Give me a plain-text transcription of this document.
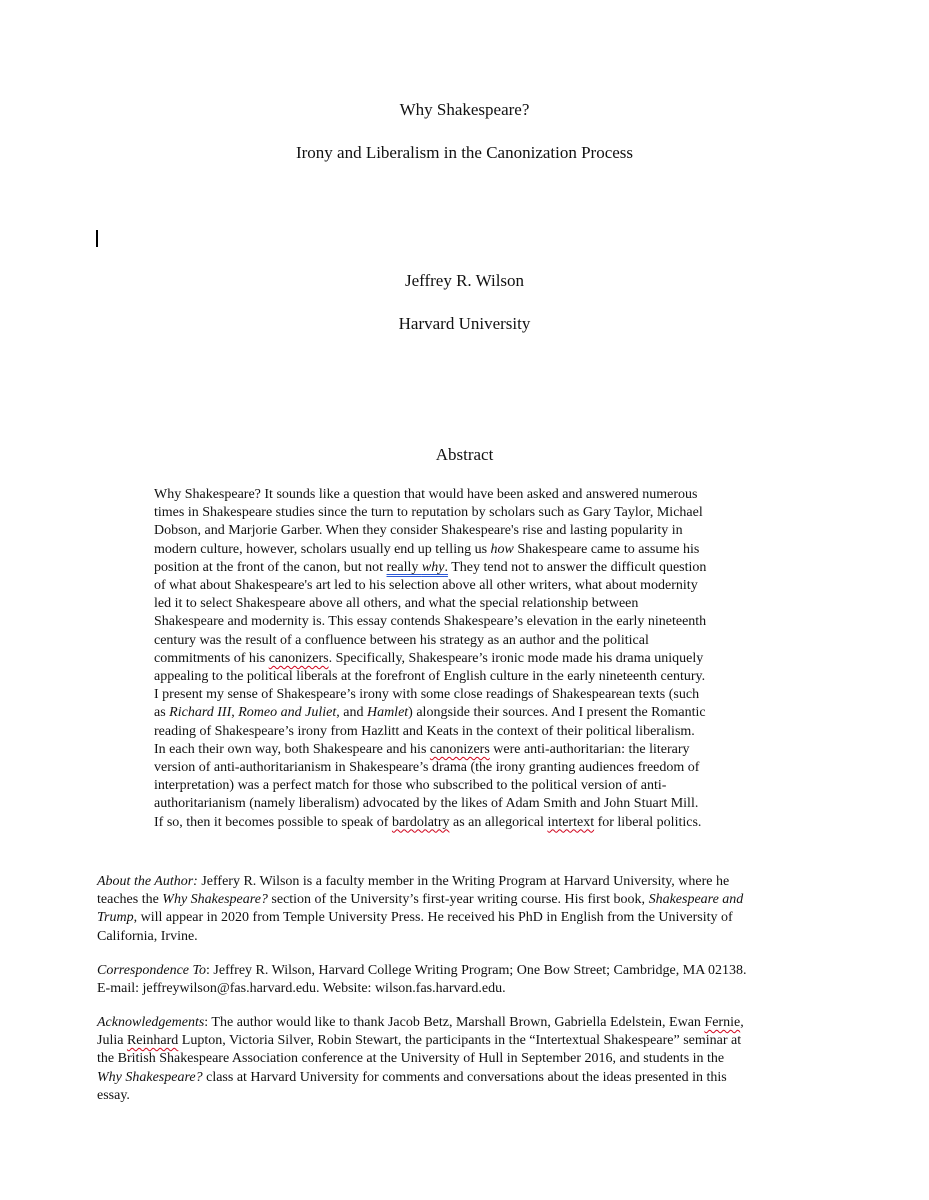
Why Shakespeare?
Irony and Liberalism in the Canonization Process
Jeffrey R. Wilson
Harvard University
Abstract
Why Shakespeare? It sounds like a question that would have been asked and answered numerous
times in Shakespeare studies since the turn to reputation by scholars such as Gary Taylor, Michael
Dobson, and Marjorie Garber. When they consider Shakespeare's rise and lasting popularity in
modern culture, however, scholars usually end up telling us how Shakespeare came to assume his
position at the front of the canon, but not really why. They tend not to answer the difficult question
of what about Shakespeare's art led to his selection above all other writers, what about modernity
led it to select Shakespeare above all others, and what the special relationship between
Shakespeare and modernity is. This essay contends Shakespeare’s elevation in the early nineteenth
century was the result of a confluence between his strategy as an author and the political
commitments of his canonizers. Specifically, Shakespeare’s ironic mode made his drama uniquely
appealing to the political liberals at the forefront of English culture in the early nineteenth century.
I present my sense of Shakespeare’s irony with some close readings of Shakespearean texts (such
as Richard III, Romeo and Juliet, and Hamlet) alongside their sources. And I present the Romantic
reading of Shakespeare’s irony from Hazlitt and Keats in the context of their political liberalism.
In each their own way, both Shakespeare and his canonizers were anti-authoritarian: the literary
version of anti-authoritarianism in Shakespeare’s drama (the irony granting audiences freedom of
interpretation) was a perfect match for those who subscribed to the political version of anti-
authoritarianism (namely liberalism) advocated by the likes of Adam Smith and John Stuart Mill.
If so, then it becomes possible to speak of bardolatry as an allegorical intertext for liberal politics.
About the Author: Jeffery R. Wilson is a faculty member in the Writing Program at Harvard University, where he
teaches the Why Shakespeare? section of the University’s first-year writing course. His first book, Shakespeare and
Trump, will appear in 2020 from Temple University Press. He received his PhD in English from the University of
California, Irvine.
Correspondence To: Jeffrey R. Wilson, Harvard College Writing Program; One Bow Street; Cambridge, MA 02138.
E-mail: jeffreywilson@fas.harvard.edu. Website: wilson.fas.harvard.edu.
Acknowledgements: The author would like to thank Jacob Betz, Marshall Brown, Gabriella Edelstein, Ewan Fernie,
Julia Reinhard Lupton, Victoria Silver, Robin Stewart, the participants in the “Intertextual Shakespeare” seminar at
the British Shakespeare Association conference at the University of Hull in September 2016, and students in the
Why Shakespeare? class at Harvard University for comments and conversations about the ideas presented in this
essay.
